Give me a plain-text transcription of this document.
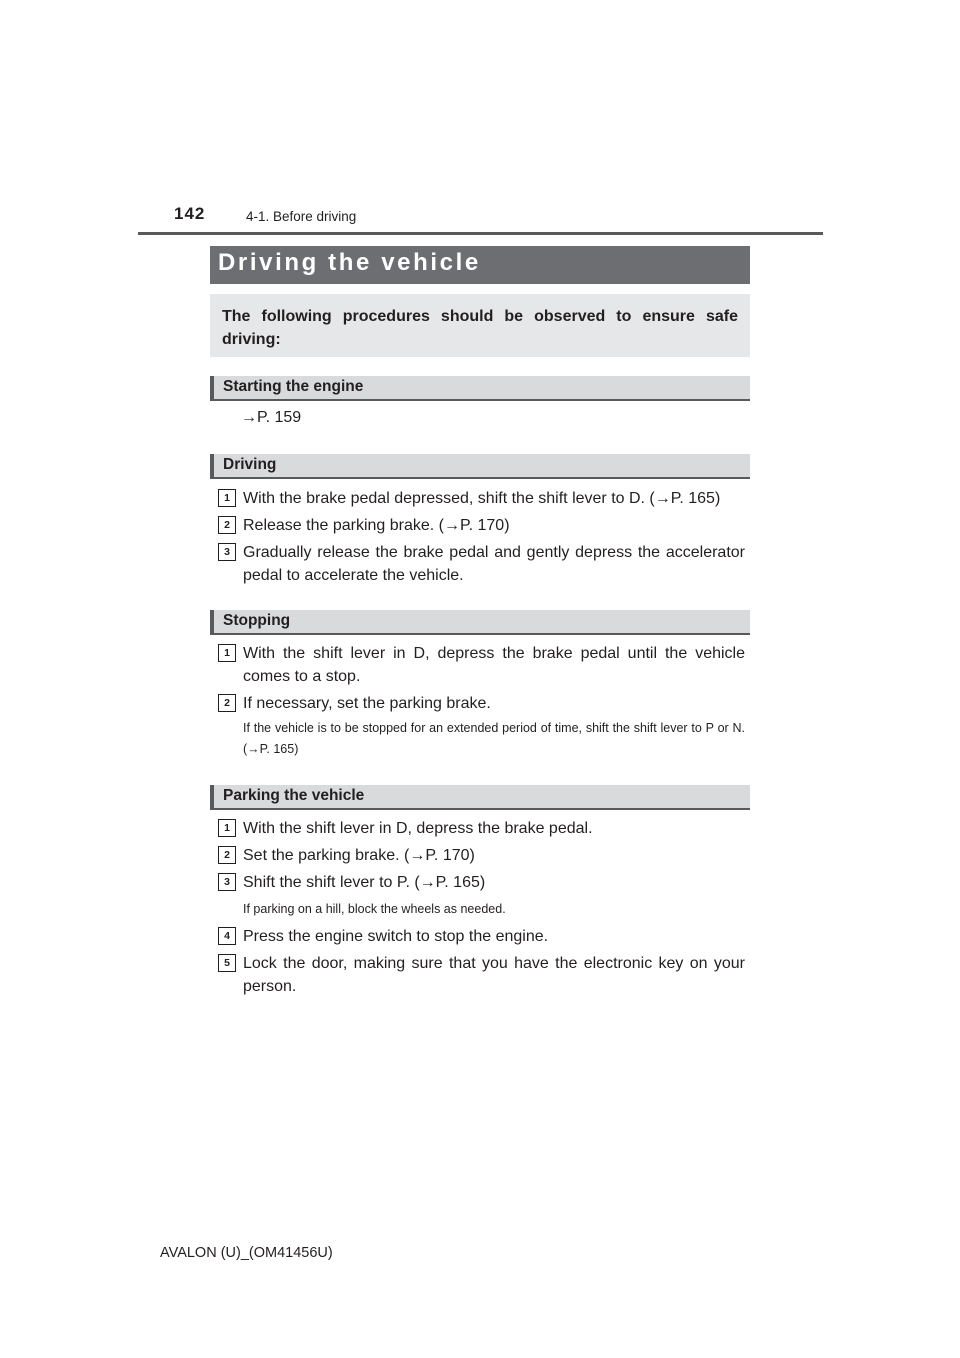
142	4-1. Before driving
Driving the vehicle
The following procedures should be observed to ensure safe driving:
Starting the engine
→P. 159
Driving
1 With the brake pedal depressed, shift the shift lever to D. (→P. 165)
2 Release the parking brake. (→P. 170)
3 Gradually release the brake pedal and gently depress the accelerator pedal to accelerate the vehicle.
Stopping
1 With the shift lever in D, depress the brake pedal until the vehicle comes to a stop.
2 If necessary, set the parking brake.
If the vehicle is to be stopped for an extended period of time, shift the shift lever to P or N. (→P. 165)
Parking the vehicle
1 With the shift lever in D, depress the brake pedal.
2 Set the parking brake. (→P. 170)
3 Shift the shift lever to P. (→P. 165)
If parking on a hill, block the wheels as needed.
4 Press the engine switch to stop the engine.
5 Lock the door, making sure that you have the electronic key on your person.
AVALON (U)_(OM41456U)
